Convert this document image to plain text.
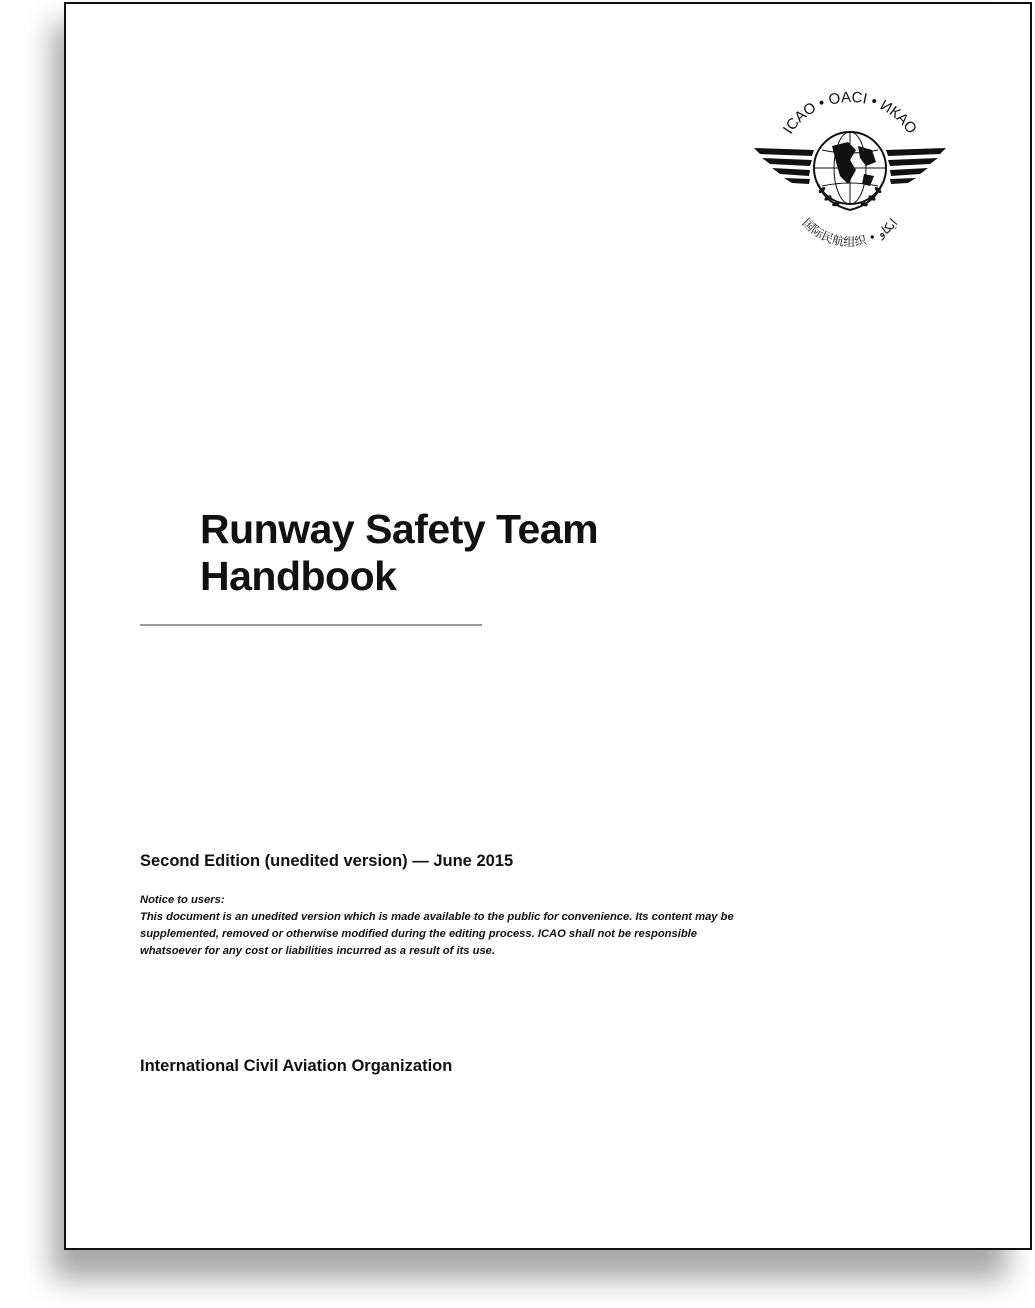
ICAO • OACI • ИКАО
国际民航组织 • ايكاو
Runway Safety Team
Handbook
Second Edition (unedited version) — June 2015
Notice to users:
This document is an unedited version which is made available to the public for convenience. Its content may be supplemented, removed or otherwise modified during the editing process. ICAO shall not be responsible whatsoever for any cost or liabilities incurred as a result of its use.
International Civil Aviation Organization
